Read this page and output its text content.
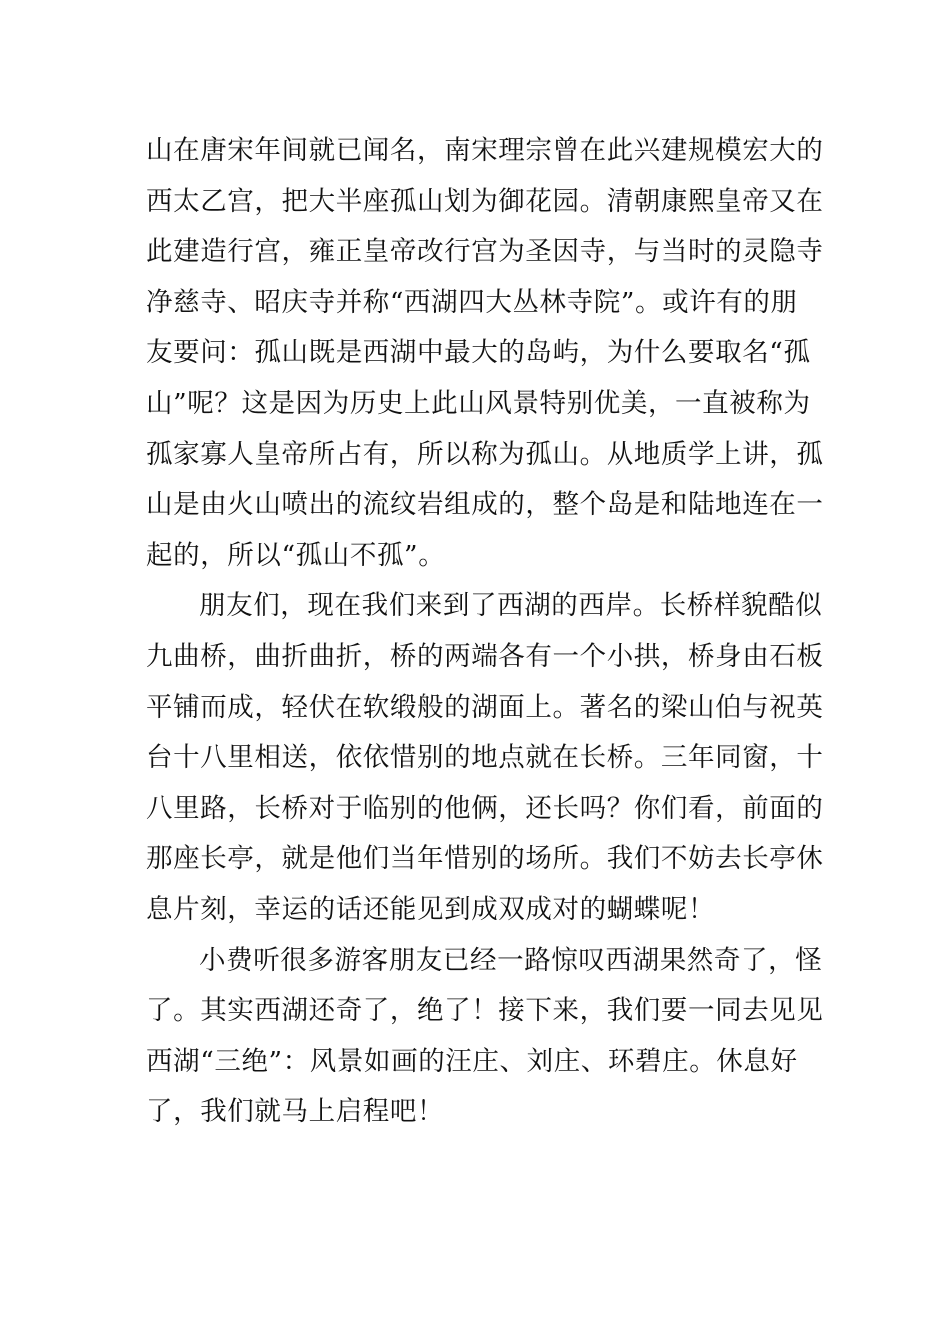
山在唐宋年间就已闻名，南宋理宗曾在此兴建规模宏大的
西太乙宫，把大半座孤山划为御花园。清朝康熙皇帝又在
此建造行宫，雍正皇帝改行宫为圣因寺，与当时的灵隐寺
净慈寺、昭庆寺并称“西湖四大丛林寺院”。或许有的朋
友要问：孤山既是西湖中最大的岛屿，为什么要取名“孤
山”呢？这是因为历史上此山风景特别优美，一直被称为
孤家寡人皇帝所占有，所以称为孤山。从地质学上讲，孤
山是由火山喷出的流纹岩组成的，整个岛是和陆地连在一
起的，所以“孤山不孤”。
朋友们，现在我们来到了西湖的西岸。长桥样貌酷似
九曲桥，曲折曲折，桥的两端各有一个小拱，桥身由石板
平铺而成，轻伏在软缎般的湖面上。著名的梁山伯与祝英
台十八里相送，依依惜别的地点就在长桥。三年同窗，十
八里路，长桥对于临别的他俩，还长吗？你们看，前面的
那座长亭，就是他们当年惜别的场所。我们不妨去长亭休
息片刻，幸运的话还能见到成双成对的蝴蝶呢！
小费听很多游客朋友已经一路惊叹西湖果然奇了，怪
了。其实西湖还奇了，绝了！接下来，我们要一同去见见
西湖“三绝”：风景如画的汪庄、刘庄、环碧庄。休息好
了，我们就马上启程吧！
